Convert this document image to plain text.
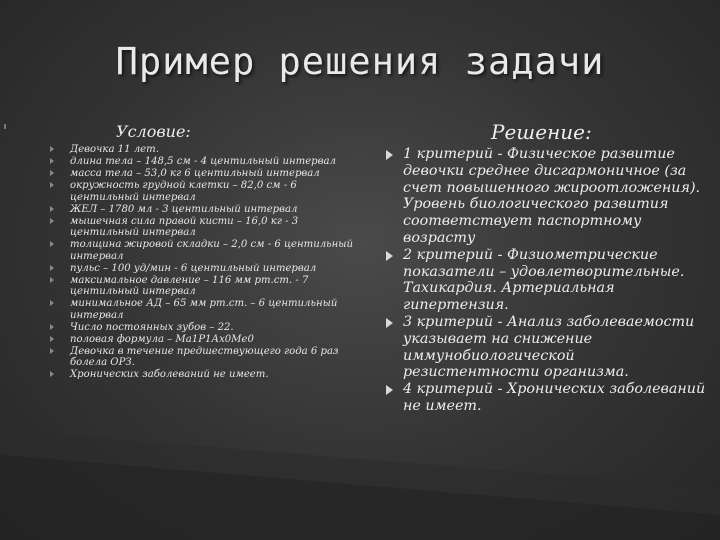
Пример решения задачи
Условие:
Девочка 11 лет.
длина тела – 148,5 см - 4 центильный интервал
масса тела – 53,0 кг 6 центильный интервал
окружность грудной клетки – 82,0 см - 6 центильный интервал
ЖЕЛ – 1780 мл - 3 центильный интервал
мышечная сила правой кисти – 16,0 кг - 3 центильный интервал
толщина жировой складки – 2,0 см - 6 центильный интервал
пульс – 100 уд/мин - 6 центильный интервал
максимальное давление – 116 мм рт.ст. - 7 центильный интервал
минимальное АД – 65 мм рт.ст. – 6 центильный интервал
Число постоянных зубов – 22.
половая формула – Ма1Р1Ах0Ме0
Девочка в течение предшествующего года 6 раз болела ОРЗ.
Хронических заболеваний не имеет.
Решение:
1 критерий - Физическое развитие девочки среднее дисгармоничное (за счет повышенного жироотложения). Уровень биологического развития соответствует паспортному возрасту
2 критерий - Физиометрические показатели – удовлетворительные. Тахикардия. Артериальная гипертензия.
3 критерий - Анализ заболеваемости указывает на снижение иммунобиологической резистентности организма.
4 критерий - Хронических заболеваний не имеет.
